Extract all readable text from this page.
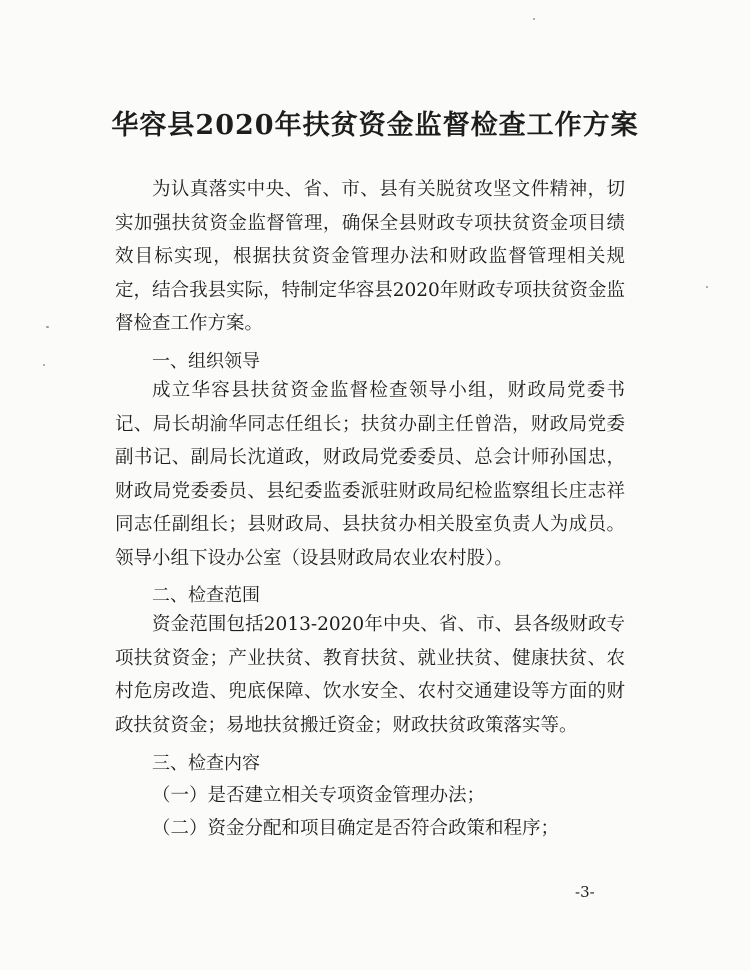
华容县2020年扶贫资金监督检查工作方案

为认真落实中央、省、市、县有关脱贫攻坚文件精神，切实加强扶贫资金监督管理，确保全县财政专项扶贫资金项目绩效目标实现，根据扶贫资金管理办法和财政监督管理相关规定，结合我县实际，特制定华容县2020年财政专项扶贫资金监督检查工作方案。

一、组织领导

成立华容县扶贫资金监督检查领导小组，财政局党委书记、局长胡渝华同志任组长；扶贫办副主任曾浩，财政局党委副书记、副局长沈道政，财政局党委委员、总会计师孙国忠，财政局党委委员、县纪委监委派驻财政局纪检监察组长庄志祥同志任副组长；县财政局、县扶贫办相关股室负责人为成员。领导小组下设办公室（设县财政局农业农村股）。

二、检查范围

资金范围包括2013-2020年中央、省、市、县各级财政专项扶贫资金；产业扶贫、教育扶贫、就业扶贫、健康扶贫、农村危房改造、兜底保障、饮水安全、农村交通建设等方面的财政扶贫资金；易地扶贫搬迁资金；财政扶贫政策落实等。

三、检查内容
（一）是否建立相关专项资金管理办法；
（二）资金分配和项目确定是否符合政策和程序；
-3-
